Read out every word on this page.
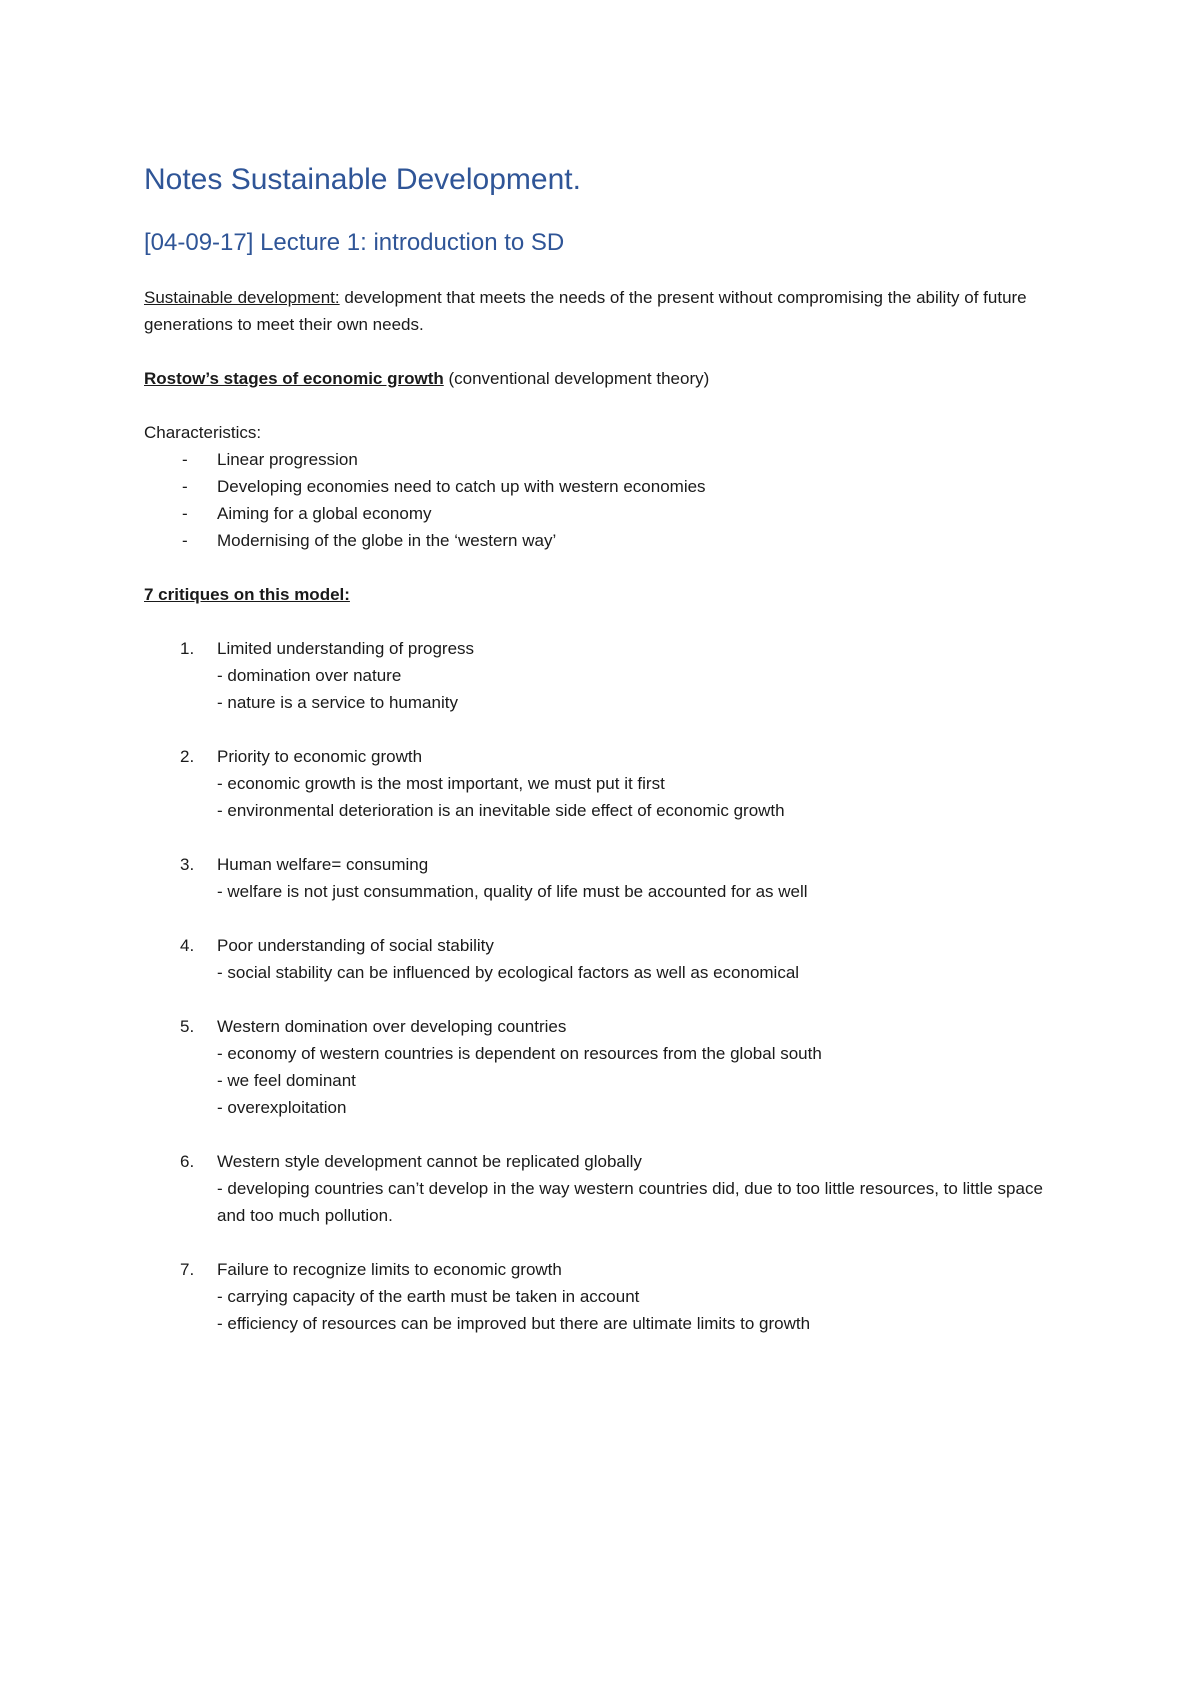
Notes Sustainable Development.
[04-09-17] Lecture 1: introduction to SD

Sustainable development: development that meets the needs of the present without compromising the ability of future generations to meet their own needs.

Rostow’s stages of economic growth (conventional development theory)

Characteristics:

- Linear progression
- Developing economies need to catch up with western economies
- Aiming for a global economy
- Modernising of the globe in the ‘western way’

7 critiques on this model:

1. Limited understanding of progress
- domination over nature
- nature is a service to humanity
2. Priority to economic growth
- economic growth is the most important, we must put it first
- environmental deterioration is an inevitable side effect of economic growth
3. Human welfare= consuming
- welfare is not just consummation, quality of life must be accounted for as well
4. Poor understanding of social stability
- social stability can be influenced by ecological factors as well as economical
5. Western domination over developing countries
- economy of western countries is dependent on resources from the global south
- we feel dominant
- overexploitation
6. Western style development cannot be replicated globally
- developing countries can’t develop in the way western countries did, due to too little resources, to little space and too much pollution.
7. Failure to recognize limits to economic growth
- carrying capacity of the earth must be taken in account
- efficiency of resources can be improved but there are ultimate limits to growth
